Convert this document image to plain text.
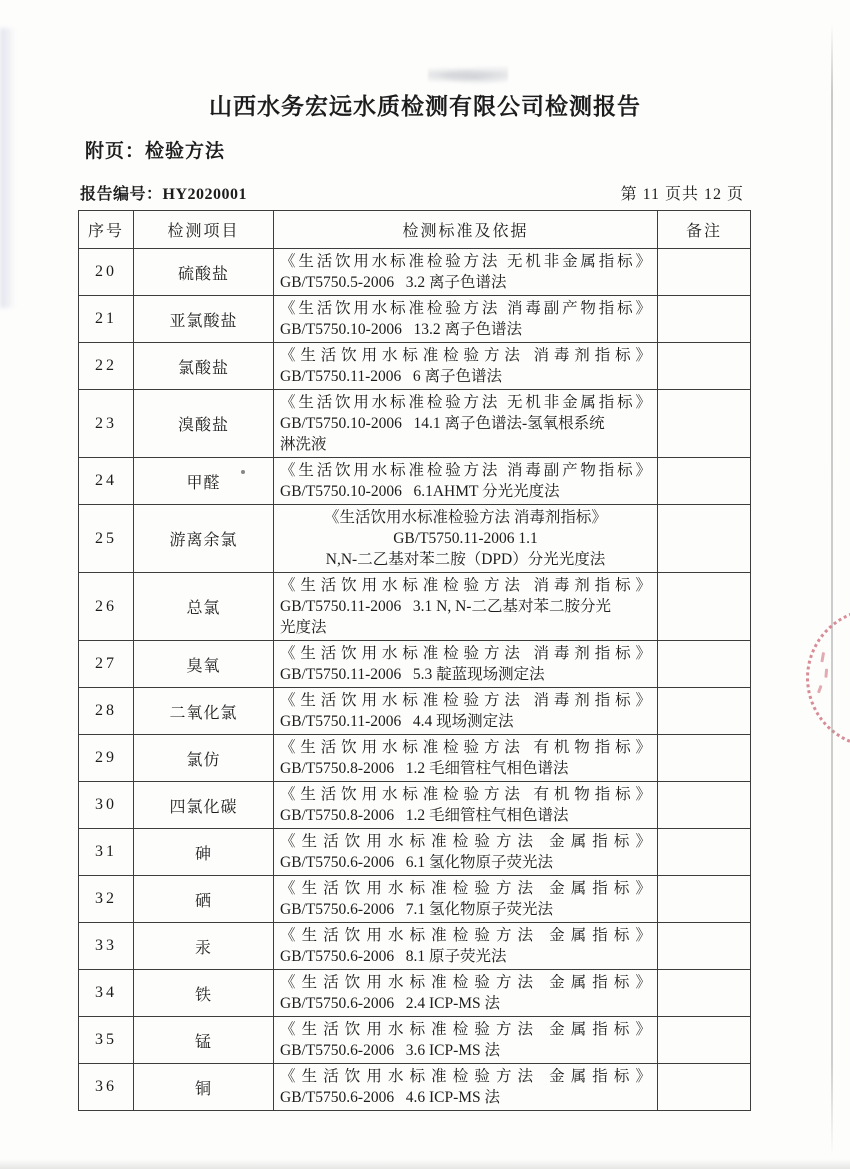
山西水务宏远水质检测有限公司检测报告
附页：检验方法
报告编号：HY2020001	第 11 页共 12 页
序号	检测项目	检测标准及依据	备注
20	硫酸盐	《生活饮用水标准检验方法 无机非金属指标》
GB/T5750.5-2006   3.2 离子色谱法	

21	亚氯酸盐	《生活饮用水标准检验方法 消毒副产物指标》
GB/T5750.10-2006   13.2 离子色谱法	

22	氯酸盐	《生活饮用水标准检验方法 消毒剂指标》
GB/T5750.11-2006   6 离子色谱法	

23	溴酸盐	《生活饮用水标准检验方法 无机非金属指标》
GB/T5750.10-2006   14.1 离子色谱法-氢氧根系统
淋洗液	

24	甲醛	《生活饮用水标准检验方法 消毒副产物指标》
GB/T5750.10-2006   6.1AHMT 分光光度法	

25	游离余氯	《生活饮用水标准检验方法 消毒剂指标》
GB/T5750.11-2006 1.1
N,N-二乙基对苯二胺（DPD）分光光度法	

26	总氯	《生活饮用水标准检验方法 消毒剂指标》
GB/T5750.11-2006   3.1 N, N-二乙基对苯二胺分光
光度法	

27	臭氧	《生活饮用水标准检验方法 消毒剂指标》
GB/T5750.11-2006   5.3 靛蓝现场测定法	

28	二氧化氯	《生活饮用水标准检验方法 消毒剂指标》
GB/T5750.11-2006   4.4 现场测定法	

29	氯仿	《生活饮用水标准检验方法 有机物指标》
GB/T5750.8-2006   1.2 毛细管柱气相色谱法	

30	四氯化碳	《生活饮用水标准检验方法 有机物指标》
GB/T5750.8-2006   1.2 毛细管柱气相色谱法	

31	砷	《生活饮用水标准检验方法 金属指标》
GB/T5750.6-2006   6.1 氢化物原子荧光法	

32	硒	《生活饮用水标准检验方法 金属指标》
GB/T5750.6-2006   7.1 氢化物原子荧光法	

33	汞	《生活饮用水标准检验方法 金属指标》
GB/T5750.6-2006   8.1 原子荧光法	

34	铁	《生活饮用水标准检验方法 金属指标》
GB/T5750.6-2006   2.4 ICP-MS 法	

35	锰	《生活饮用水标准检验方法 金属指标》
GB/T5750.6-2006   3.6 ICP-MS 法	

36	铜	《生活饮用水标准检验方法 金属指标》
GB/T5750.6-2006   4.6 ICP-MS 法	
